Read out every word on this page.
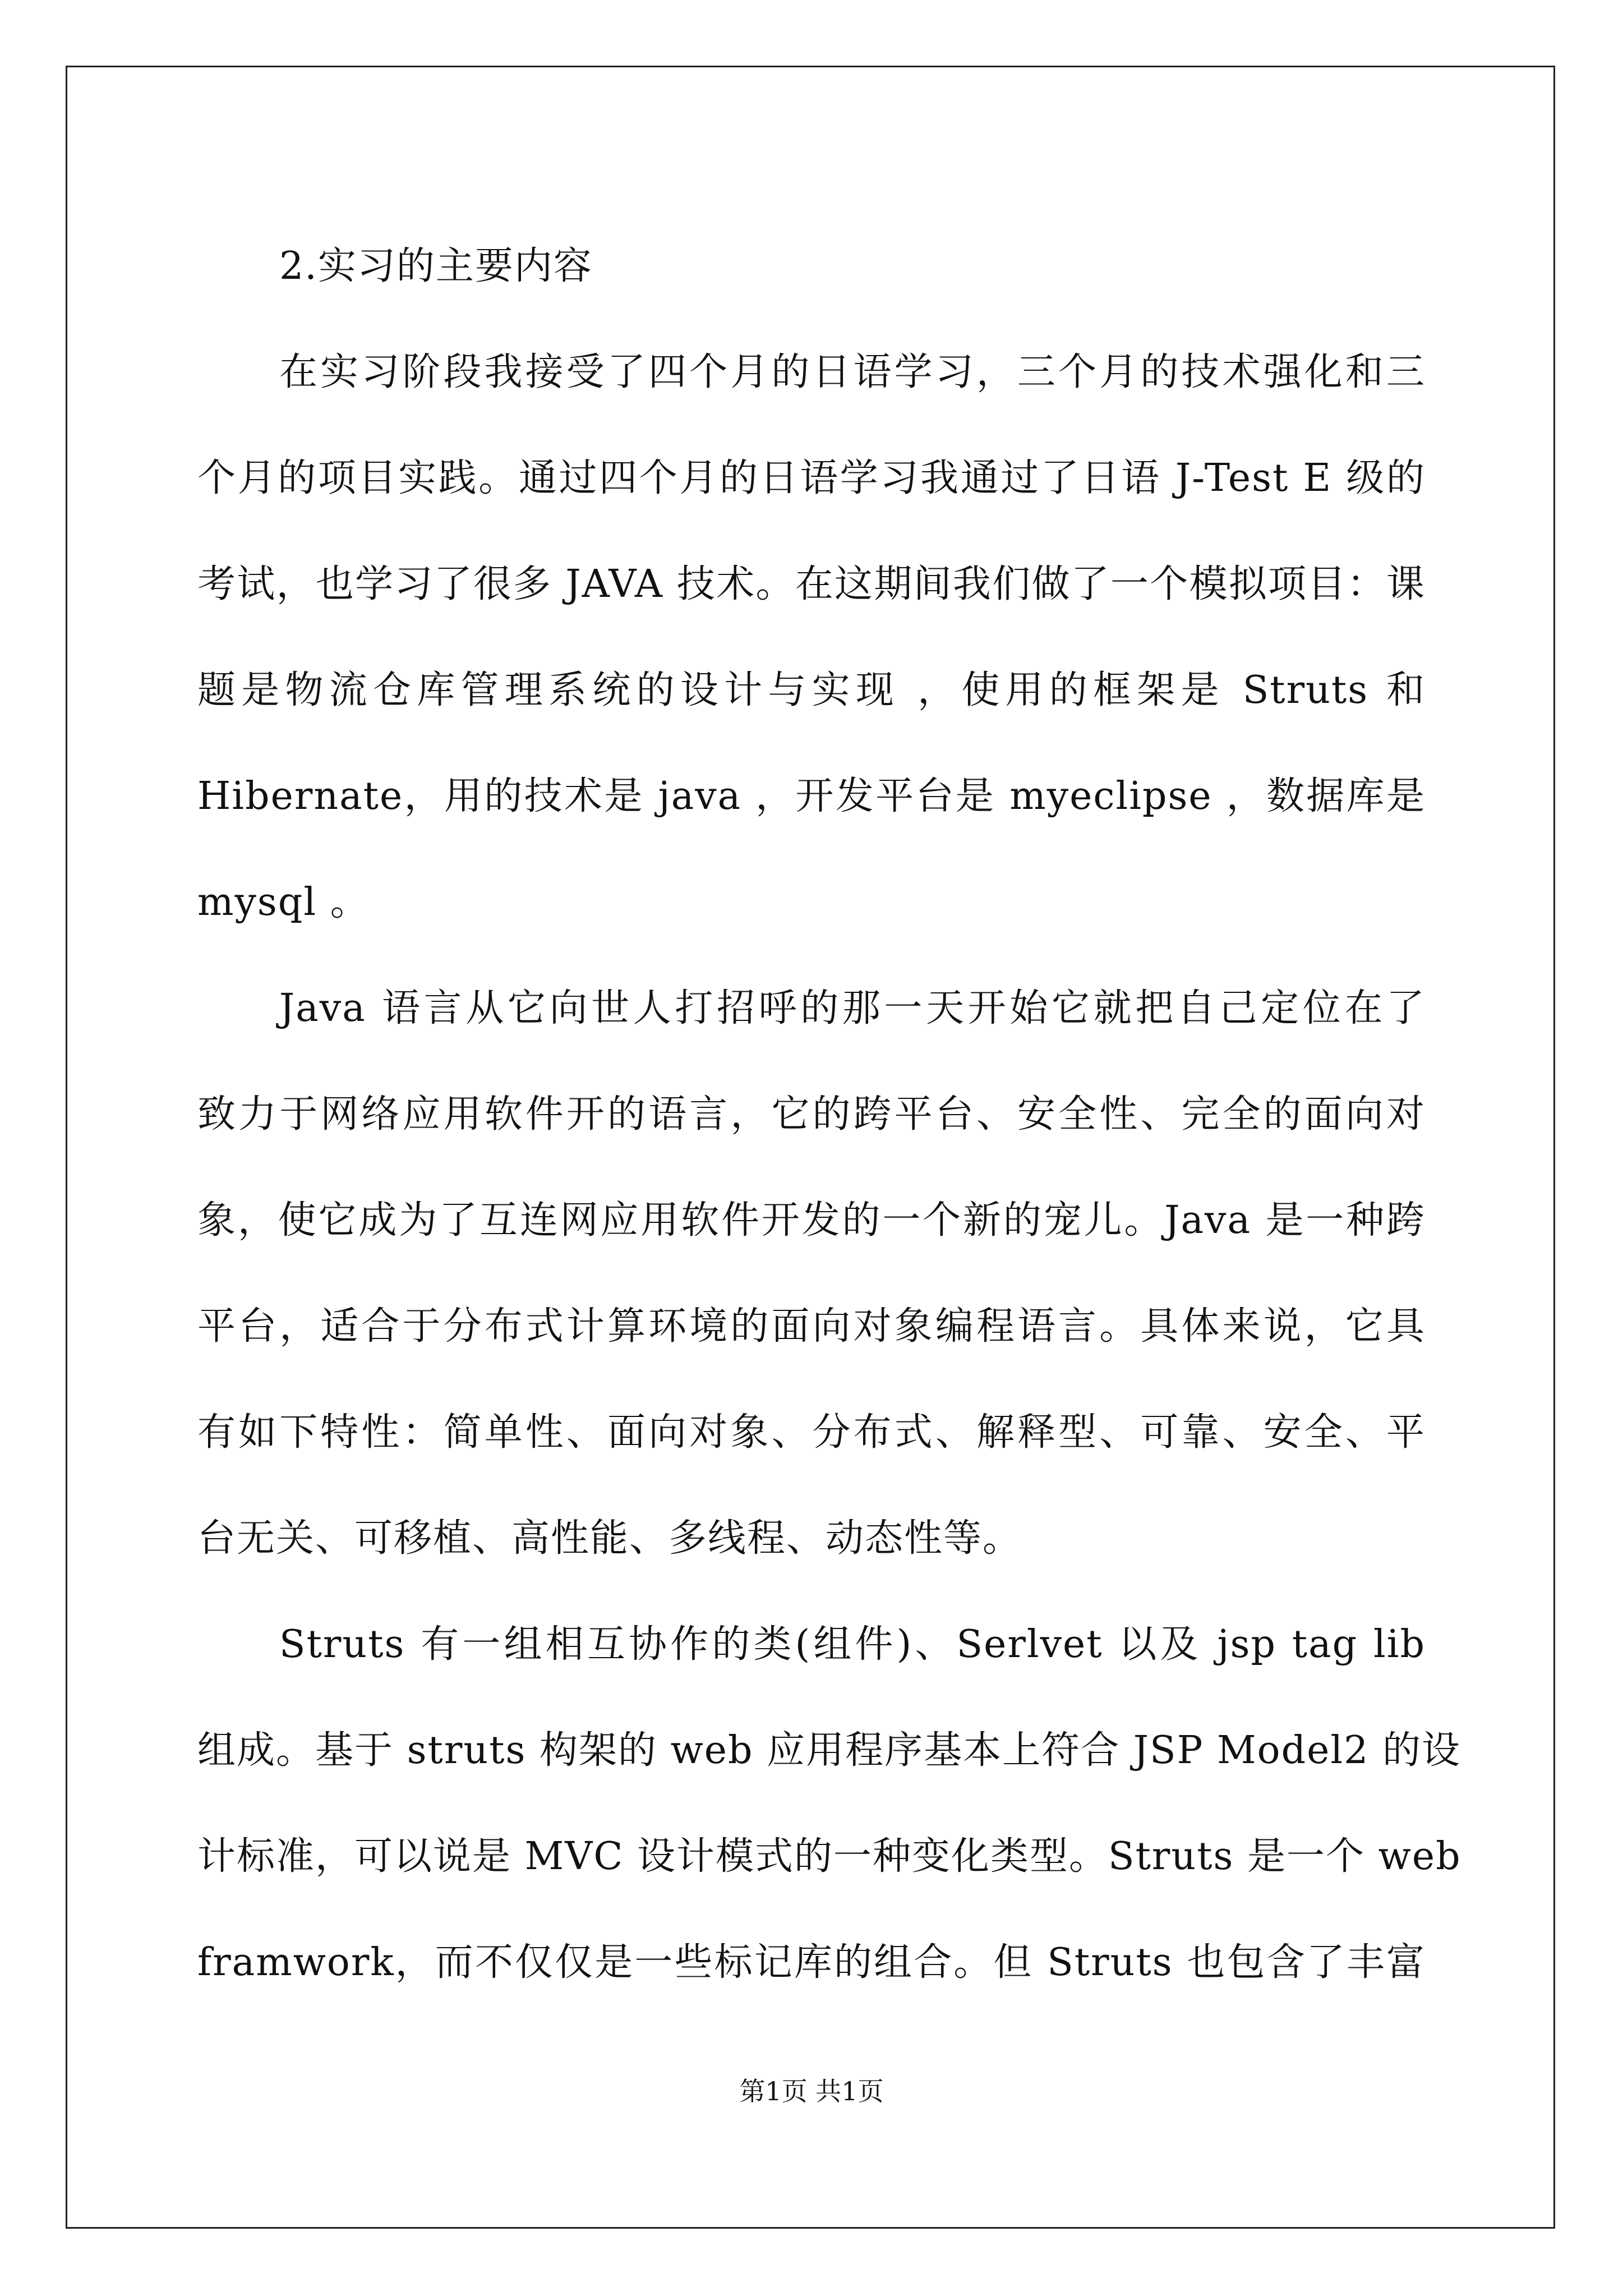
2.实习的主要内容
在实习阶段我接受了四个月的日语学习，三个月的技术强化和三
个月的项目实践。通过四个月的日语学习我通过了日语 J-Test E 级的
考试，也学习了很多 JAVA 技术。在这期间我们做了一个模拟项目：课
题是物流仓库管理系统的设计与实现 ，使用的框架是 Struts 和
Hibernate，用的技术是 java ，开发平台是 myeclipse ，数据库是
mysql 。
Java 语言从它向世人打招呼的那一天开始它就把自己定位在了
致力于网络应用软件开的语言，它的跨平台、安全性、完全的面向对
象，使它成为了互连网应用软件开发的一个新的宠儿。Java 是一种跨
平台，适合于分布式计算环境的面向对象编程语言。具体来说，它具
有如下特性：简单性、面向对象、分布式、解释型、可靠、安全、平
台无关、可移植、高性能、多线程、动态性等。
Struts 有一组相互协作的类(组件)、Serlvet 以及 jsp tag lib
组成。基于 struts 构架的 web 应用程序基本上符合 JSP Model2 的设
计标准，可以说是 MVC 设计模式的一种变化类型。Struts 是一个 web
framwork，而不仅仅是一些标记库的组合。但 Struts 也包含了丰富
第1页 共1页
